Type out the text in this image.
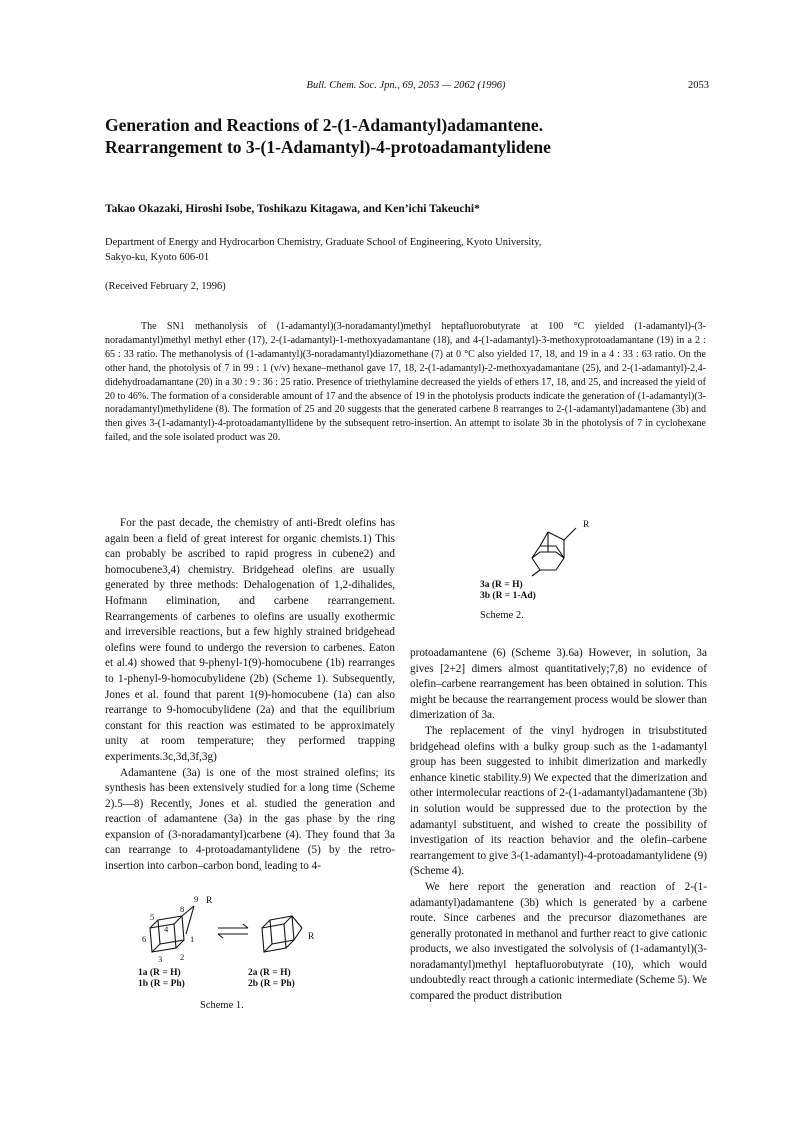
Bull. Chem. Soc. Jpn., 69, 2053 — 2062 (1996)	2053
Generation and Reactions of 2-(1-Adamantyl)adamantene.
Rearrangement to 3-(1-Adamantyl)-4-protoadamantylidene
Takao Okazaki, Hiroshi Isobe, Toshikazu Kitagawa, and Ken’ichi Takeuchi*
Department of Energy and Hydrocarbon Chemistry, Graduate School of Engineering, Kyoto University,
Sakyo-ku, Kyoto 606-01
(Received February 2, 1996)
The SN1 methanolysis of (1-adamantyl)(3-noradamantyl)methyl heptafluorobutyrate at 100 °C yielded (1-adamantyl)-(3-noradamantyl)methyl methyl ether (17), 2-(1-adamantyl)-1-methoxyadamantane (18), and 4-(1-adamantyl)-3-methoxyprotoadamantane (19) in a 2 : 65 : 33 ratio. The methanolysis of (1-adamantyl)(3-noradamantyl)diazomethane (7) at 0 °C also yielded 17, 18, and 19 in a 4 : 33 : 63 ratio. On the other hand, the photolysis of 7 in 99 : 1 (v/v) hexane–methanol gave 17, 18, 2-(1-adamantyl)-2-methoxyadamantane (25), and 2-(1-adamantyl)-2,4-didehydroadamantane (20) in a 30 : 9 : 36 : 25 ratio. Presence of triethylamine decreased the yields of ethers 17, 18, and 25, and increased the yield of 20 to 46%. The formation of a considerable amount of 17 and the absence of 19 in the photolysis products indicate the generation of (1-adamantyl)(3-noradamantyl)methylidene (8). The formation of 25 and 20 suggests that the generated carbene 8 rearranges to 2-(1-adamantyl)adamantene (3b) and then gives 3-(1-adamantyl)-4-protoadamantyllidene by the subsequent retro-insertion. An attempt to isolate 3b in the photolysis of 7 in cyclohexane failed, and the sole isolated product was 20.

For the past decade, the chemistry of anti-Bredt olefins has again been a field of great interest for organic chemists.1) This can probably be ascribed to rapid progress in cubene2) and homocubene3,4) chemistry. Bridgehead olefins are usually generated by three methods: Dehalogenation of 1,2-dihalides, Hofmann elimination, and carbene rearrangement. Rearrangements of carbenes to olefins are usually exothermic and irreversible reactions, but a few highly strained bridgehead olefins were found to undergo the reversion to carbenes. Eaton et al.4) showed that 9-phenyl-1(9)-homocubene (1b) rearranges to 1-phenyl-9-homocubylidene (2b) (Scheme 1). Subsequently, Jones et al. found that parent 1(9)-homocubene (1a) can also rearrange to 9-homocubylidene (2a) and that the equilibrium constant for this reaction was estimated to be approximately unity at room temperature; they performed trapping experiments.3c,3d,3f,3g)

Adamantene (3a) is one of the most strained olefins; its synthesis has been extensively studied for a long time (Scheme 2).5—8) Recently, Jones et al. studied the generation and reaction of adamantene (3a) in the gas phase by the ring expansion of (3-noradamantyl)carbene (4). They found that 3a can rearrange to 4-protoadamantylidene (5) by the retro-insertion into carbon–carbon bond, leading to 4-

protoadamantene (6) (Scheme 3).6a) However, in solution, 3a gives [2+2] dimers almost quantitatively;7,8) no evidence of olefin–carbene rearrangement has been obtained in solution. This might be because the rearrangement process would be slower than dimerization of 3a.

The replacement of the vinyl hydrogen in trisubstituted bridgehead olefins with a bulky group such as the 1-adamantyl group has been suggested to inhibit dimerization and markedly enhance kinetic stability.9) We expected that the dimerization and other intermolecular reactions of 2-(1-adamantyl)adamantene (3b) in solution would be suppressed due to the protection by the adamantyl substituent, and wished to create the possibility of investigation of its reaction behavior and the olefin–carbene rearrangement to give 3-(1-adamantyl)-4-protoadamantylidene (9) (Scheme 4).

We here report the generation and reaction of 2-(1-adamantyl)adamantene (3b) which is generated by a carbene route. Since carbenes and the precursor diazomethanes are generally protonated in methanol and further react to give cationic products, we also investigated the solvolysis of (1-adamantyl)(3-noradamantyl)methyl heptafluorobutyrate (10), which would undoubtedly react through a cationic intermediate (Scheme 5). We compared the product distribution

R
3a (R = H)
3b (R = 1-Ad)
Scheme 2.
R
R
9
8
5
4
6	1
3 2
1a (R = H)
1b (R = Ph)
2a (R = H)
2b (R = Ph)
Scheme 1.
